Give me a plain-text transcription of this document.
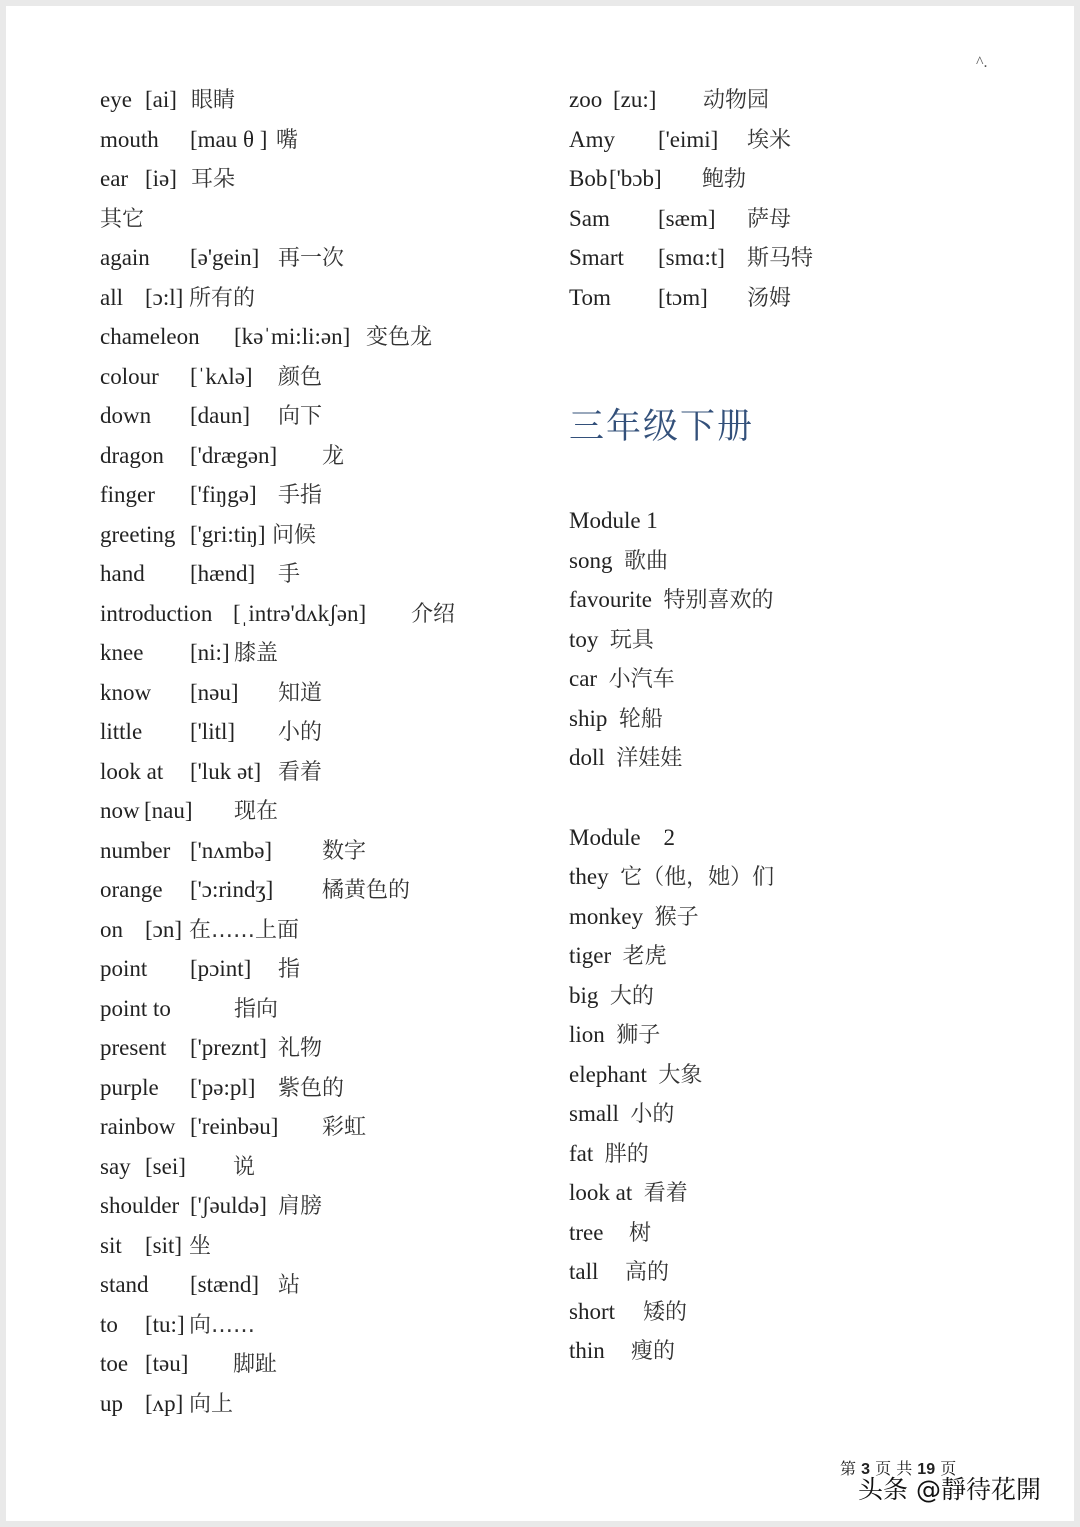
^.
eye [ai] 眼睛
mouth [mau θ ] 嘴
ear [iə] 耳朵
其它
again [ə'gein] 再一次
all [ɔ:l] 所有的
chameleon [kəˈmi:li:ən] 变色龙
colour [ˈkʌlə] 颜色
down [daun] 向下
dragon ['drægən] 龙
finger ['fiŋgə] 手指
greeting ['gri:tiŋ] 问候
hand [hænd] 手
introduction [ˌintrə'dʌkʃən] 介绍
knee [ni:] 膝盖
know [nəu] 知道
little ['litl] 小的
look at ['luk ət] 看着
now [nau] 现在
number ['nʌmbə] 数字
orange ['ɔ:rindʒ] 橘黄色的
on [ɔn] 在……上面
point [pɔint] 指
point to	指向
present ['preznt] 礼物
purple ['pə:pl] 紫色的
rainbow ['reinbəu] 彩虹
say [sei] 说
shoulder ['ʃəuldə] 肩膀
sit [sit] 坐
stand [stænd] 站
to [tu:] 向……
toe [təu] 脚趾
up [ʌp] 向上
zoo [zu:] 动物园
Amy ['eimi] 埃米
Bob['bɔb] 鲍勃
Sam [sæm] 萨母
Smart [smɑ:t] 斯马特
Tom [tɔm] 汤姆
三年级下册
Module 1
song 歌曲
favourite 特别喜欢的
toy 玩具
car 小汽车
ship 轮船
doll 洋娃娃
Module    2
they 它（他，她）们
monkey 猴子
tiger 老虎
big 大的
lion 狮子
elephant 大象
small 小的
fat 胖的
look at 看着
tree 树
tall 高的
short 矮的
thin 瘦的
第 3 页 共 19 页
头条 @靜待花開
